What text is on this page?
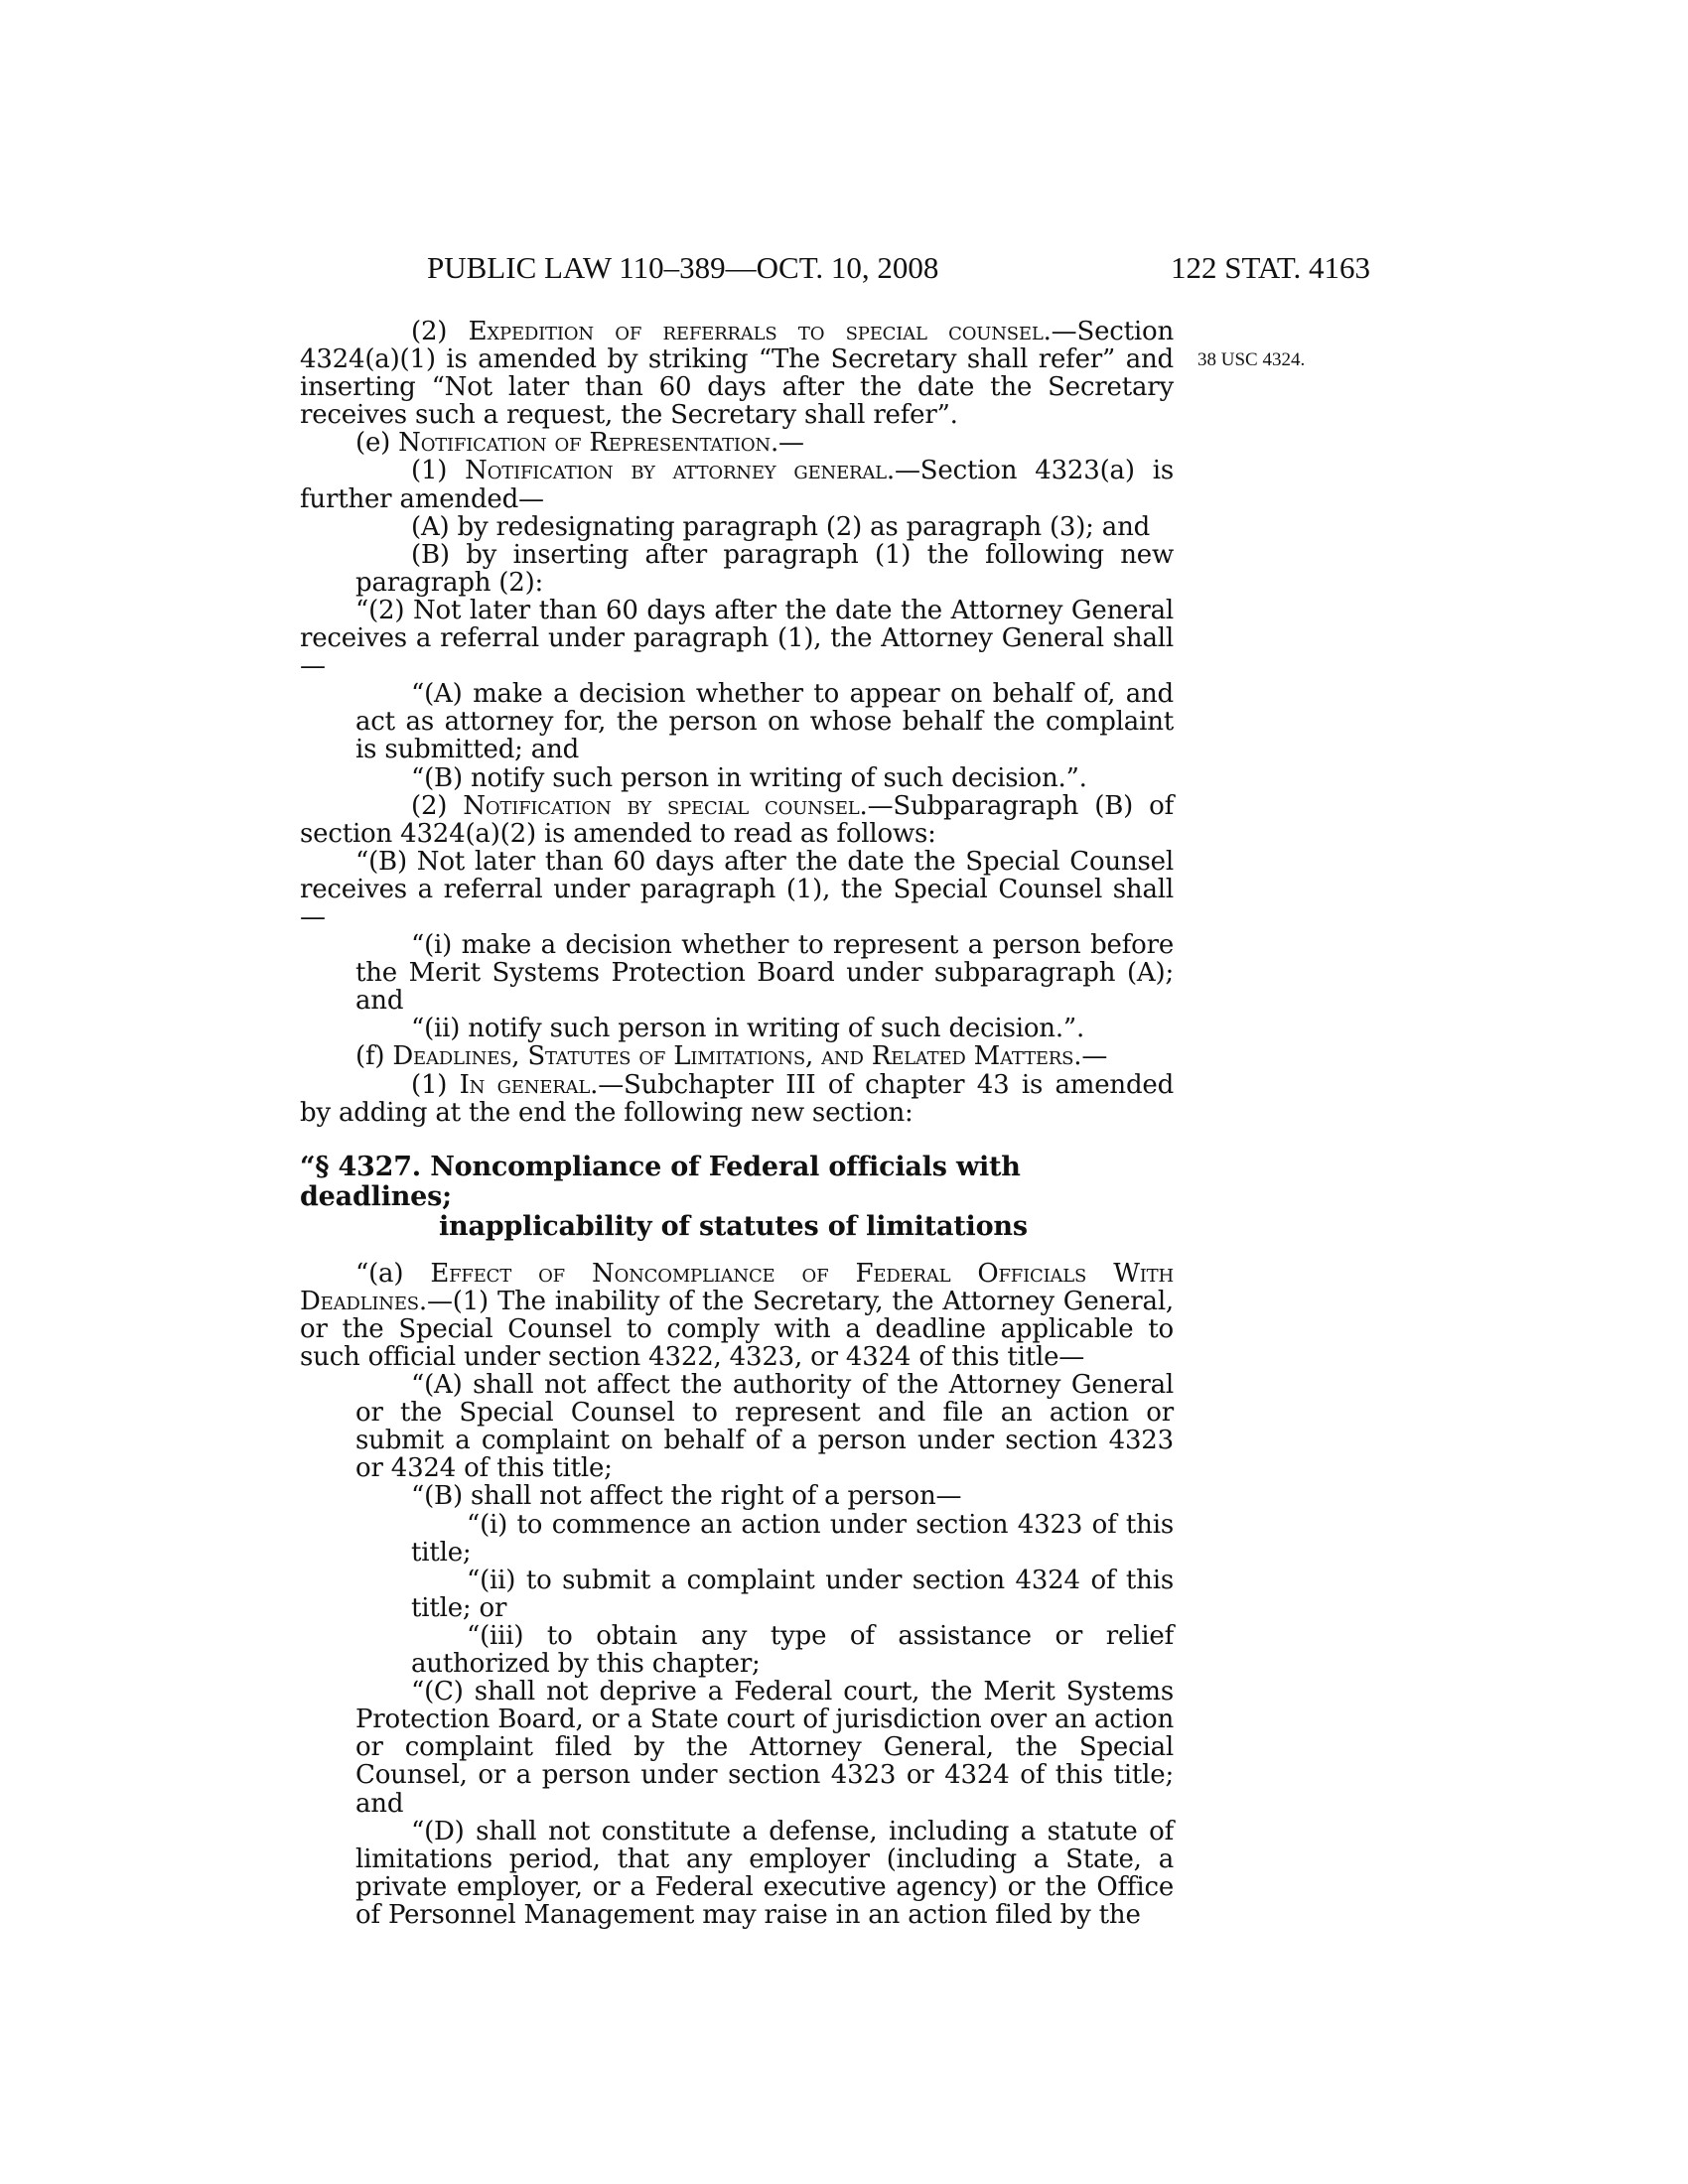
PUBLIC LAW 110–389—OCT. 10, 2008	122 STAT. 4163
38 USC 4324.

(2) Expedition of referrals to special counsel.—Section 4324(a)(1) is amended by striking “The Secretary shall refer” and inserting “Not later than 60 days after the date the Secretary receives such a request, the Secretary shall refer”.

(e) Notification of Representation.—

(1) Notification by attorney general.—Section 4323(a) is further amended—

(A) by redesignating paragraph (2) as paragraph (3); and

(B) by inserting after paragraph (1) the following new paragraph (2):

“(2) Not later than 60 days after the date the Attorney General receives a referral under paragraph (1), the Attorney General shall—

“(A) make a decision whether to appear on behalf of, and act as attorney for, the person on whose behalf the complaint is submitted; and

“(B) notify such person in writing of such decision.”.

(2) Notification by special counsel.—Subparagraph (B) of section 4324(a)(2) is amended to read as follows:

“(B) Not later than 60 days after the date the Special Counsel receives a referral under paragraph (1), the Special Counsel shall—

“(i) make a decision whether to represent a person before the Merit Systems Protection Board under subparagraph (A); and

“(ii) notify such person in writing of such decision.”.

(f) Deadlines, Statutes of Limitations, and Related Matters.—

(1) In general.—Subchapter III of chapter 43 is amended by adding at the end the following new section:

“§ 4327. Noncompliance of Federal officials with deadlines;
inapplicability of statutes of limitations

“(a) Effect of Noncompliance of Federal Officials With Deadlines.—(1) The inability of the Secretary, the Attorney General, or the Special Counsel to comply with a deadline applicable to such official under section 4322, 4323, or 4324 of this title—

“(A) shall not affect the authority of the Attorney General or the Special Counsel to represent and file an action or submit a complaint on behalf of a person under section 4323 or 4324 of this title;

“(B) shall not affect the right of a person—

“(i) to commence an action under section 4323 of this title;

“(ii) to submit a complaint under section 4324 of this title; or

“(iii) to obtain any type of assistance or relief authorized by this chapter;

“(C) shall not deprive a Federal court, the Merit Systems Protection Board, or a State court of jurisdiction over an action or complaint filed by the Attorney General, the Special Counsel, or a person under section 4323 or 4324 of this title; and

“(D) shall not constitute a defense, including a statute of limitations period, that any employer (including a State, a private employer, or a Federal executive agency) or the Office of Personnel Management may raise in an action filed by the
